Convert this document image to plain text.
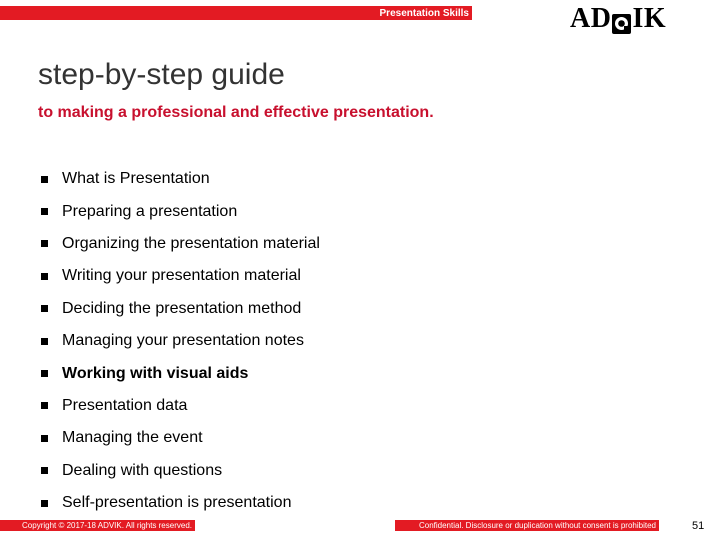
Presentation Skills	AD IK
step-by-step guide
to making a professional and effective presentation.
What is Presentation
Preparing a presentation
Organizing the presentation material
Writing your presentation material
Deciding the presentation method
Managing your presentation notes
Working with visual aids
Presentation data
Managing the event
Dealing with questions
Self-presentation is presentation
Copyright © 2017-18 ADVIK. All rights reserved.	Confidential. Disclosure or duplication without consent is prohibited	51
